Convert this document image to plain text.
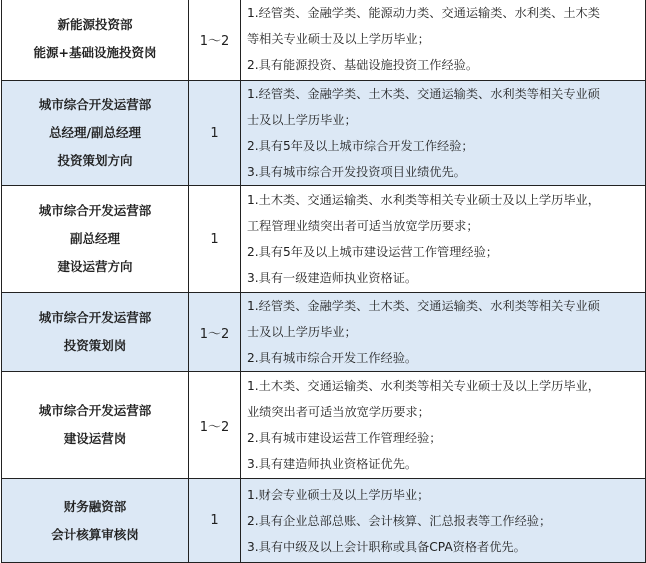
新能源投资部
能源+基础设施投资岗	1～2	1.经管类、金融学类、能源动力类、交通运输类、水利类、土木类
等相关专业硕士及以上学历毕业；
2.具有能源投资、基础设施投资工作经验。

城市综合开发运营部
总经理/副总经理
投资策划方向	1	1.经管类、金融学类、土木类、交通运输类、水利类等相关专业硕
士及以上学历毕业；
2.具有5年及以上城市综合开发工作经验；
3.具有城市综合开发投资项目业绩优先。

城市综合开发运营部
副总经理
建设运营方向	1	1.土木类、交通运输类、水利类等相关专业硕士及以上学历毕业，
工程管理业绩突出者可适当放宽学历要求；
2.具有5年及以上城市建设运营工作管理经验；
3.具有一级建造师执业资格证。

城市综合开发运营部
投资策划岗	1～2	1.经管类、金融学类、土木类、交通运输类、水利类等相关专业硕
士及以上学历毕业；
2.具有城市综合开发工作经验。

城市综合开发运营部
建设运营岗	1～2	1.土木类、交通运输类、水利类等相关专业硕士及以上学历毕业，
业绩突出者可适当放宽学历要求；
2.具有城市建设运营工作管理经验；
3.具有建造师执业资格证优先。

财务融资部
会计核算审核岗	1	1.财会专业硕士及以上学历毕业；
2.具有企业总部总账、会计核算、汇总报表等工作经验；
3.具有中级及以上会计职称或具备CPA资格者优先。
